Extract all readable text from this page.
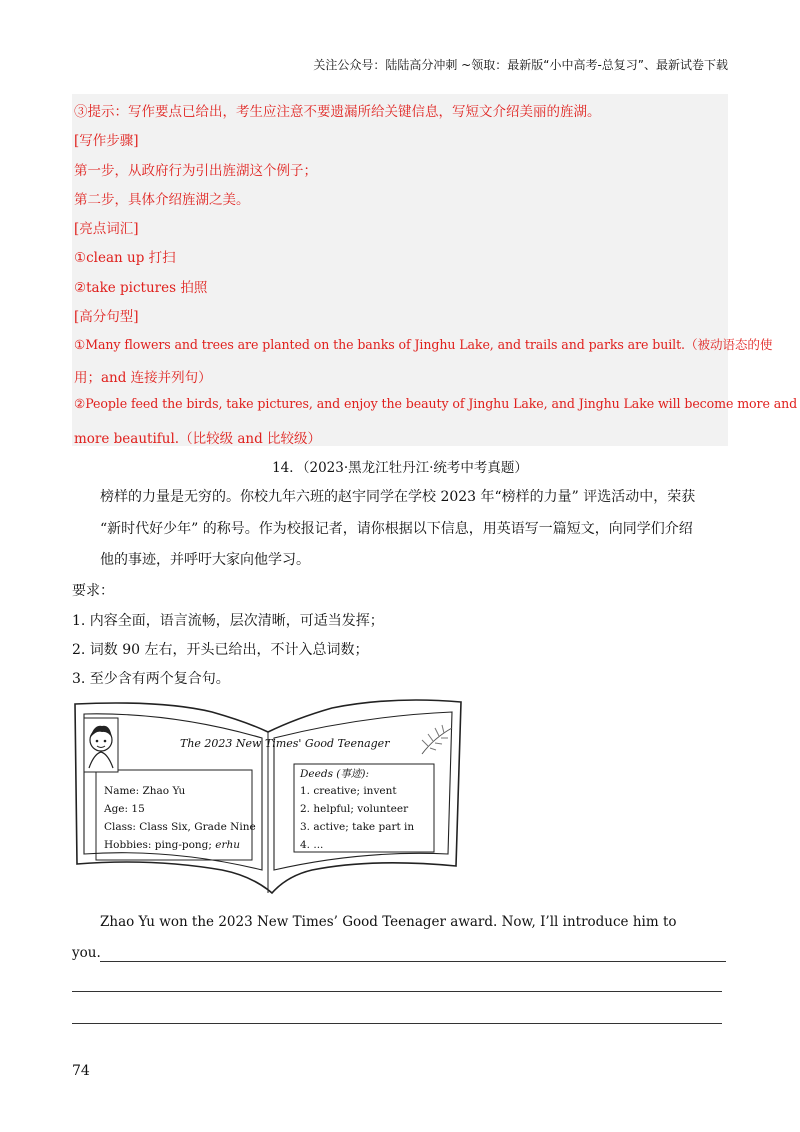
关注公众号：陆陆高分冲刺 ~领取：最新版“小中高考-总复习”、最新试卷下载
③提示：写作要点已给出，考生应注意不要遗漏所给关键信息，写短文介绍美丽的旌湖。
[写作步骤]
第一步，从政府行为引出旌湖这个例子；
第二步，具体介绍旌湖之美。
[亮点词汇]
①clean up 打扫
②take pictures 拍照
[高分句型]
①Many flowers and trees are planted on the banks of Jinghu Lake, and trails and parks are built.（被动语态的使
用；and 连接并列句）
②People feed the birds, take pictures, and enjoy the beauty of Jinghu Lake, and Jinghu Lake will become more and
more beautiful.（比较级 and 比较级）
14．（2023·黑龙江牡丹江·统考中考真题）
榜样的力量是无穷的。你校九年六班的赵宇同学在学校 2023 年“榜样的力量” 评选活动中，荣获
“新时代好少年” 的称号。作为校报记者，请你根据以下信息，用英语写一篇短文，向同学们介绍
他的事迹，并呼吁大家向他学习。
要求：
1. 内容全面，语言流畅，层次清晰，可适当发挥；
2. 词数 90 左右，开头已给出，不计入总词数；
3. 至少含有两个复合句。
The 2023 New Times' Good Teenager
Name: Zhao Yu
Age: 15
Class: Class Six, Grade Nine
Hobbies: ping-pong; erhu
Deeds (事迹):
1. creative; invent
2. helpful; volunteer
3. active; take part in
4. ...
Zhao Yu won the 2023 New Times’ Good Teenager award. Now, I’ll introduce him to
you.
74
